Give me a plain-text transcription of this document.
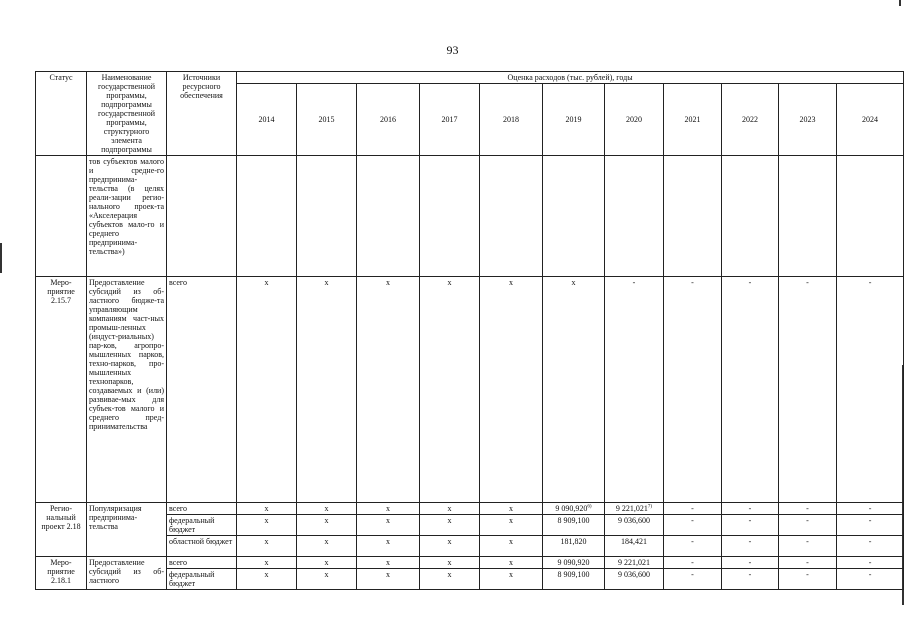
93
Статус	Наименование государственной программы, подпрограммы государственной программы, структурного элемента подпрограммы	Источники ресурсного обеспечения	Оценка расходов (тыс. рублей), годы										
			2014	2015	2016	2017	2018	2019	2020	2021	2022	2023	2024
	тов субъектов малого и средне-го предпринима-тельства (в целях реали-зации регио-нального проек-та «Акселерация субъектов мало-го и среднего предпринима-тельства»)												
Меро-приятие 2.15.7	Предоставление субсидий из об-ластного бюдже-та управляющим компаниям част-ных промыш-ленных (индуст-риальных) пар-ков, агропро-мышленных парков, техно-парков, про-мышленных технопарков, создаваемых и (или) развивае-мых для субъек-тов малого и среднего пред-принимательства	всего	х	х	х	х	х	х	-	-	-	-	-
Регио-нальный проект 2.18	Популяризация предпринима-тельства	всего	х	х	х	х	х	9 090,920$^{6)}$	9 221,021$^{7)}$	-	-	-	-
		федеральный бюджет	х	х	х	х	х	8 909,100	9 036,600	-	-	-	-
		областной бюджет	х	х	х	х	х	181,820	184,421	-	-	-	-
Меро-приятие 2.18.1	Предоставление субсидий из об-ластного	всего	х	х	х	х	х	9 090,920	9 221,021	-	-	-	-
		федеральный бюджет	х	х	х	х	х	8 909,100	9 036,600	-	-	-	-
